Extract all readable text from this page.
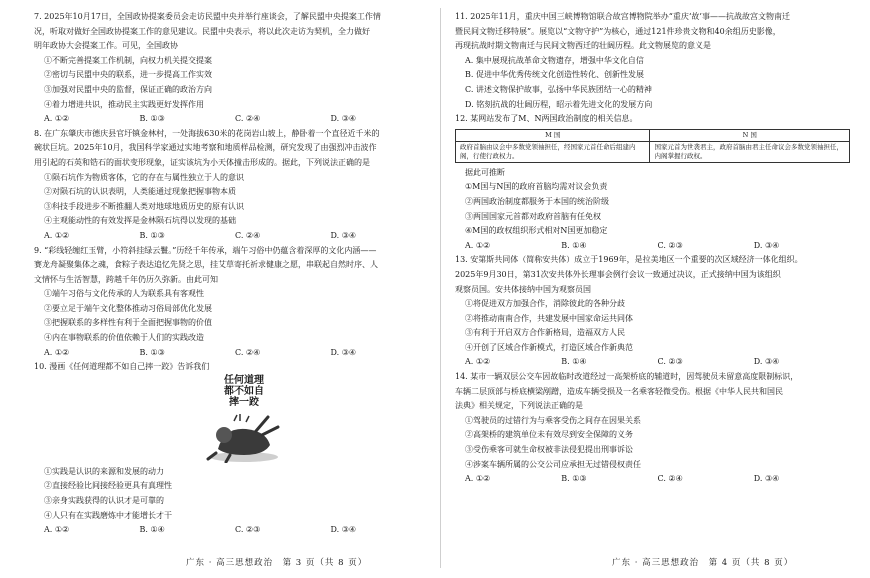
7. 2025年10月17日，全国政协提案委员会走访民盟中央并举行座谈会，了解民盟中央提案工作情
况，听取对做好全国政协提案工作的意见建议。民盟中央表示，将以此次走访为契机，全力做好
明年政协大会提案工作。可见，全国政协
①不断完善提案工作机制，向权力机关提交提案
②密切与民盟中央的联系，进一步提高工作实效
③加强对民盟中央的监督，保证正确的政治方向
④着力增进共识，推动民主实践更好发挥作用
A. ①②	B. ①③	C. ②④	D. ③④
8. 在广东肇庆市德庆县官圩镇金林村，一处海拔630米的花岗岩山坡上，静卧着一个直径近千米的
碗状巨坑。2025年10月，我国科学家通过实地考察和地质样品检测，研究发现了由强烈冲击波作
用引起的石英和锆石的面状变形现象，证实该坑为小天体撞击形成的。据此，下列说法正确的是
①陨石坑作为物质客体，它的存在与属性独立于人的意识
②对陨石坑的认识表明，人类能通过现象把握事物本质
③科技手段进步不断推翻人类对地球地质历史的原有认识
④主观能动性的有效发挥是金林陨石坑得以发现的基础
A. ①②	B. ①③	C. ②④	D. ③④
9. “彩线轻缠红玉臂，小符斜挂绿云鬟。”历经千年传承，端午习俗中仍蕴含着深厚的文化内涵——
赛龙舟凝聚集体之魂，食粽子表达追忆先贤之思，挂艾草寄托祈求健康之愿，串联起自然时序、人
文情怀与生活智慧，跨越千年仍历久弥新。由此可知
①端午习俗与文化传承的人为联系具有客观性
②要立足于端午文化整体推动习俗局部优化发展
③把握联系的多样性有利于全面把握事物的价值
④内在事物联系的价值依赖于人们的实践改造
A. ①②	B. ①③	C. ②④	D. ③④
10. 漫画《任何道理都不如自己摔一跤》告诉我们
任何道理
都不如自
摔一跤
①实践是认识的来源和发展的动力
②直接经验比间接经验更具有真理性
③亲身实践获得的认识才是可靠的
④人只有在实践磨炼中才能增长才干
A. ①②	B. ①④	C. ②③	D. ③④
11. 2025年11月，重庆中国三峡博物馆联合故宫博物院举办“重庆‘故’事——抗战故宫文物南迁
暨民间文物迁移特展”。展览以“文物守护”为核心，通过121件珍贵文物和40余组历史影像，
再现抗战时期文物南迁与民间文物西迁的壮阔历程。此文物展览的意义是
A. 集中展现抗战革命文物遗存，增强中华文化自信
B. 促进中华优秀传统文化创造性转化、创新性发展
C. 讲述文物保护故事，弘扬中华民族团结一心的精神
D. 铭刻抗战的壮阔历程，昭示着先进文化的发展方向
12. 某网站发布了M、N两国政治制度的相关信息。
M 国	N 国
政府首脑由议会中多数党领袖担任，经国家元首任命后组建内阁，行使行政权力。	国家元首为世袭君主，政府首脑由君主任命议会多数党领袖担任，内阁掌握行政权。
据此可推断
①M国与N国的政府首脑均需对议会负责
②两国政治制度都服务于本国的统治阶级
③两国国家元首都对政府首脑有任免权
④M国的政权组织形式相对N国更加稳定
A. ①②	B. ①④	C. ②③	D. ③④
13. 安第斯共同体（简称安共体）成立于1969年，是拉美地区一个重要的次区域经济一体化组织。
2025年9月30日，第31次安共体外长理事会例行会议一致通过决议，正式接纳中国为该组织
观察员国。安共体接纳中国为观察员国
①将促进双方加强合作，消除彼此的各种分歧
②将推动南南合作，共建发展中国家命运共同体
③有利于开启双方合作新格局，造福双方人民
④开创了区域合作新模式，打造区域合作新典范
A. ①②	B. ①④	C. ②③	D. ③④
14. 某市一辆双层公交车因故临时改道经过一高架桥底的辅道时，因驾驶员未留意高度限制标识，
车辆二层顶部与桥底横梁剐蹭，造成车辆受损及一名乘客轻微受伤。根据《中华人民共和国民
法典》相关规定，下列说法正确的是
①驾驶员的过错行为与乘客受伤之间存在因果关系
②高架桥的建筑单位未有效尽到安全保障的义务
③受伤乘客可就生命权被非法侵犯提出刑事诉讼
④涉案车辆所属的公交公司应承担无过错侵权责任
A. ①②	B. ①③	C. ②④	D. ③④
广东 · 高三思想政治　第 3 页（共 8 页）	广东 · 高三思想政治　第 4 页（共 8 页）
